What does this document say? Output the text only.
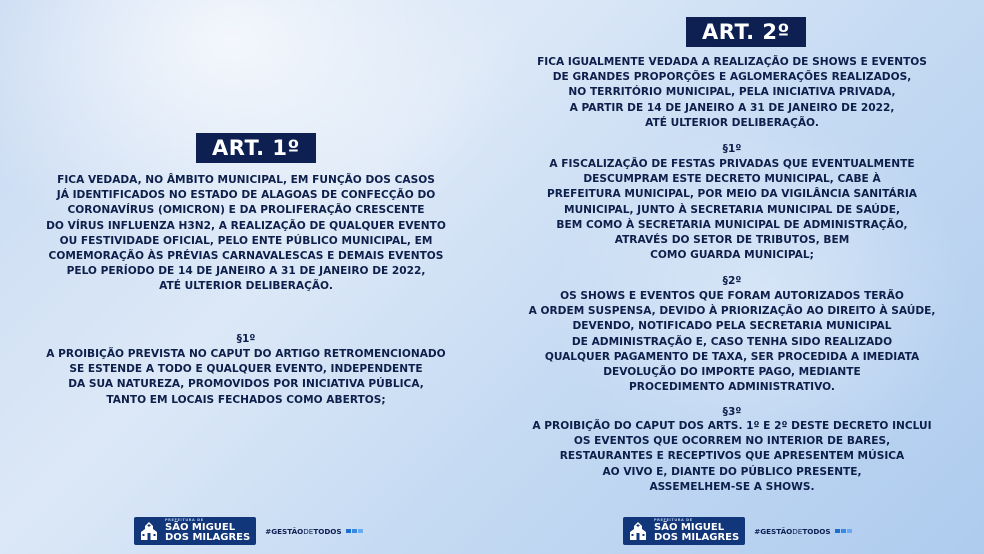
ART. 1º
FICA VEDADA, NO ÂMBITO MUNICIPAL, EM FUNÇÃO DOS CASOS
JÁ IDENTIFICADOS NO ESTADO DE ALAGOAS DE CONFECÇÃO DO
CORONAVÍRUS (OMICRON) E DA PROLIFERAÇÃO CRESCENTE
DO VÍRUS INFLUENZA H3N2, A REALIZAÇÃO DE QUALQUER EVENTO
OU FESTIVIDADE OFICIAL, PELO ENTE PÚBLICO MUNICIPAL, EM
COMEMORAÇÃO ÀS PRÉVIAS CARNAVALESCAS E DEMAIS EVENTOS
PELO PERÍODO DE 14 DE JANEIRO A 31 DE JANEIRO DE 2022,
ATÉ ULTERIOR DELIBERAÇÃO.
§1º
A PROIBIÇÃO PREVISTA NO CAPUT DO ARTIGO RETROMENCIONADO
SE ESTENDE A TODO E QUALQUER EVENTO, INDEPENDENTE
DA SUA NATUREZA, PROMOVIDOS POR INICIATIVA PÚBLICA,
TANTO EM LOCAIS FECHADOS COMO ABERTOS;
PREFEITURA DE
SÃO MIGUEL
DOS MILAGRES
#GESTÃODETODOS
ART. 2º
FICA IGUALMENTE VEDADA A REALIZAÇÃO DE SHOWS E EVENTOS
DE GRANDES PROPORÇÕES E AGLOMERAÇÕES REALIZADOS,
NO TERRITÓRIO MUNICIPAL, PELA INICIATIVA PRIVADA,
A PARTIR DE 14 DE JANEIRO A 31 DE JANEIRO DE 2022,
ATÉ ULTERIOR DELIBERAÇÃO.
§1º
A FISCALIZAÇÃO DE FESTAS PRIVADAS QUE EVENTUALMENTE
DESCUMPRAM ESTE DECRETO MUNICIPAL, CABE À
PREFEITURA MUNICIPAL, POR MEIO DA VIGILÂNCIA SANITÁRIA
MUNICIPAL, JUNTO À SECRETARIA MUNICIPAL DE SAÚDE,
BEM COMO À SECRETARIA MUNICIPAL DE ADMINISTRAÇÃO,
ATRAVÉS DO SETOR DE TRIBUTOS, BEM
COMO GUARDA MUNICIPAL;
§2º
OS SHOWS E EVENTOS QUE FORAM AUTORIZADOS TERÃO
A ORDEM SUSPENSA, DEVIDO À PRIORIZAÇÃO AO DIREITO À SAÚDE,
DEVENDO, NOTIFICADO PELA SECRETARIA MUNICIPAL
DE ADMINISTRAÇÃO E, CASO TENHA SIDO REALIZADO
QUALQUER PAGAMENTO DE TAXA, SER PROCEDIDA A IMEDIATA
DEVOLUÇÃO DO IMPORTE PAGO, MEDIANTE
PROCEDIMENTO ADMINISTRATIVO.
§3º
A PROIBIÇÃO DO CAPUT DOS ARTS. 1º E 2º DESTE DECRETO INCLUI
OS EVENTOS QUE OCORREM NO INTERIOR DE BARES,
RESTAURANTES E RECEPTIVOS QUE APRESENTEM MÚSICA
AO VIVO E, DIANTE DO PÚBLICO PRESENTE,
ASSEMELHEM-SE A SHOWS.
PREFEITURA DE
SÃO MIGUEL
DOS MILAGRES
#GESTÃODETODOS
